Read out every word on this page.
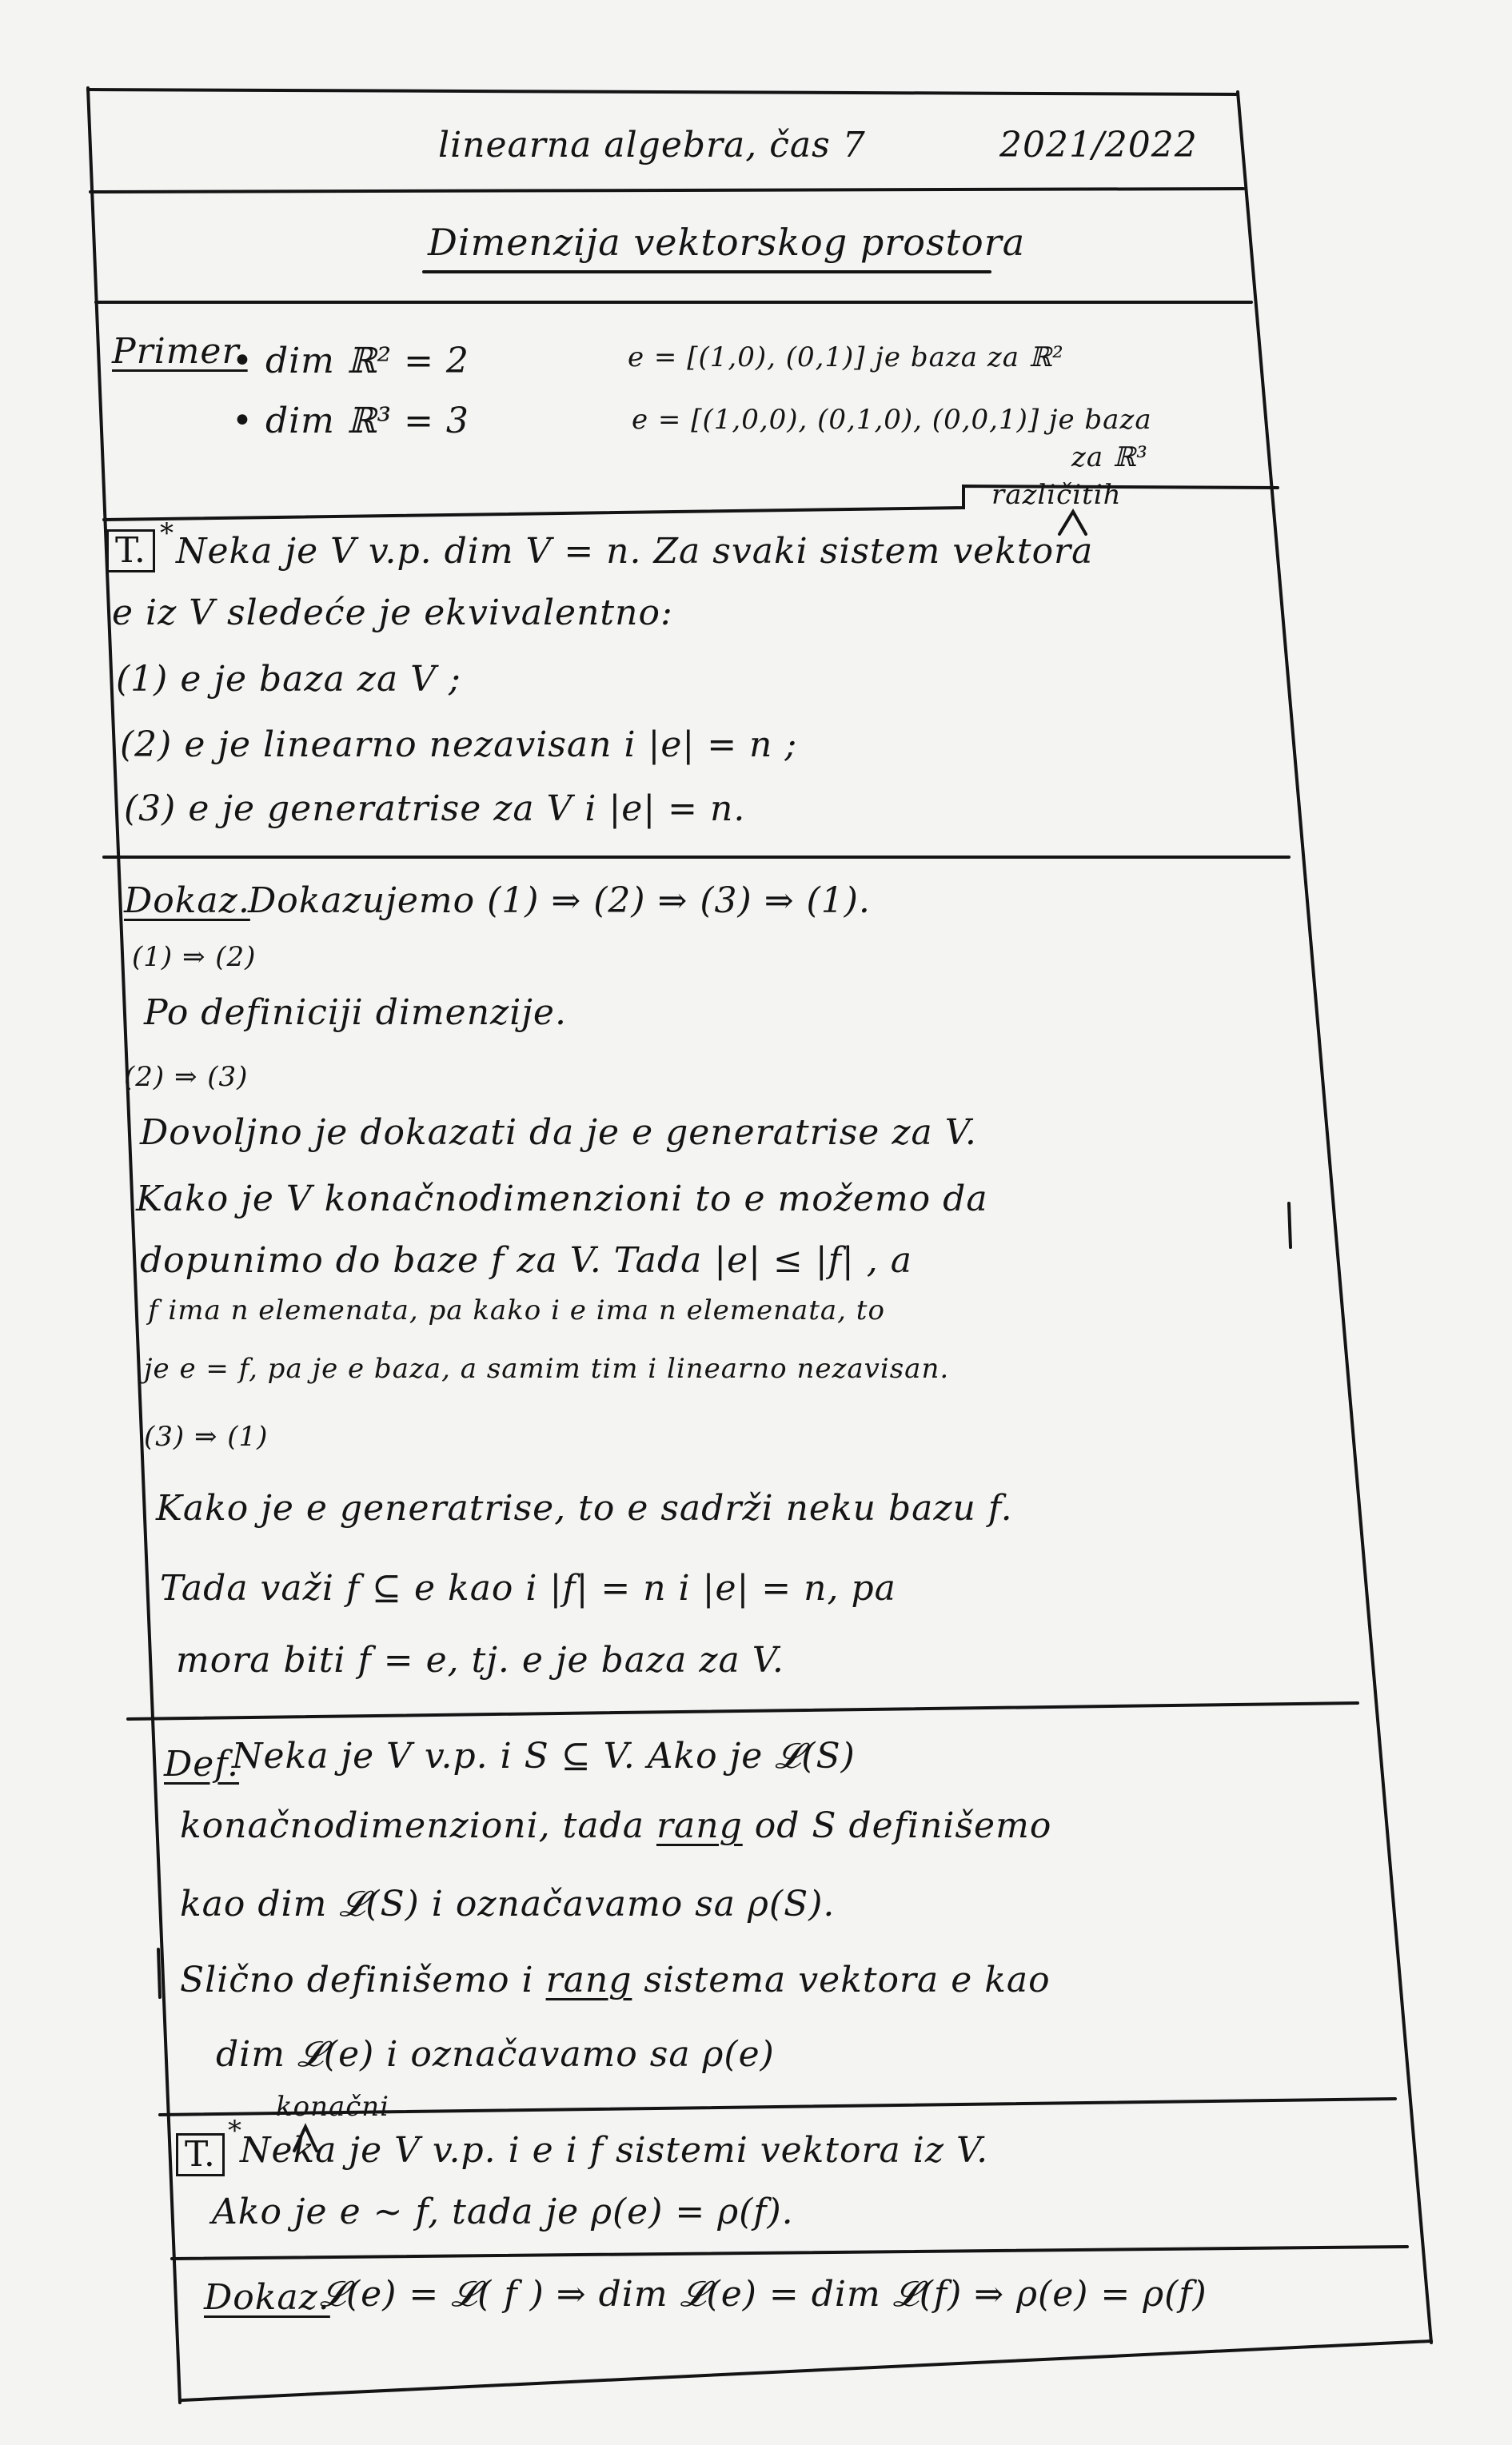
linearna algebra, čas 7	2021/2022
Dimenzija vektorskog prostora
Primer.
• dim ℝ² = 2	e = [(1,0), (0,1)] je baza za ℝ²
• dim ℝ³ = 3	e = [(1,0,0), (0,1,0), (0,0,1)] je baza
za ℝ³
različitih
T. * Neka je V v.p. dim V = n. Za svaki sistem vektora
e iz V sledeće je ekvivalentno:
(1) e je baza za V ;
(2) e je linearno nezavisan i |e| = n ;
(3) e je generatrise za V i |e| = n.
Dokaz.
Dokazujemo (1) ⇒ (2) ⇒ (3) ⇒ (1).
(1) ⇒ (2)
Po definiciji dimenzije.
(2) ⇒ (3)
Dovoljno je dokazati da je e generatrise za V.
Kako je V konačnodimenzioni to e možemo da
dopunimo do baze f za V. Tada |e| ≤ |f| , a
f ima n elemenata, pa kako i e ima n elemenata, to
je e = f, pa je e baza, a samim tim i linearno nezavisan.
(3) ⇒ (1)
Kako je e generatrise, to e sadrži neku bazu f.
Tada važi f ⊆ e kao i |f| = n i |e| = n, pa
mora biti f = e, tj. e je baza za V.
Def.
Neka je V v.p. i S ⊆ V. Ako je 𝓛(S)
konačnodimenzioni, tada rang od S definišemo
kao dim 𝓛(S) i označavamo sa ρ(S).
Slično definišemo i rang sistema vektora e kao
dim 𝓛(e) i označavamo sa ρ(e)
konačni
T.
*
Neka je V v.p. i e i f sistemi vektora iz V.
Ako je e ~ f, tada je ρ(e) = ρ(f).
Dokaz.
𝓛(e) = 𝓛( f ) ⇒ dim 𝓛(e) = dim 𝓛(f) ⇒ ρ(e) = ρ(f)
